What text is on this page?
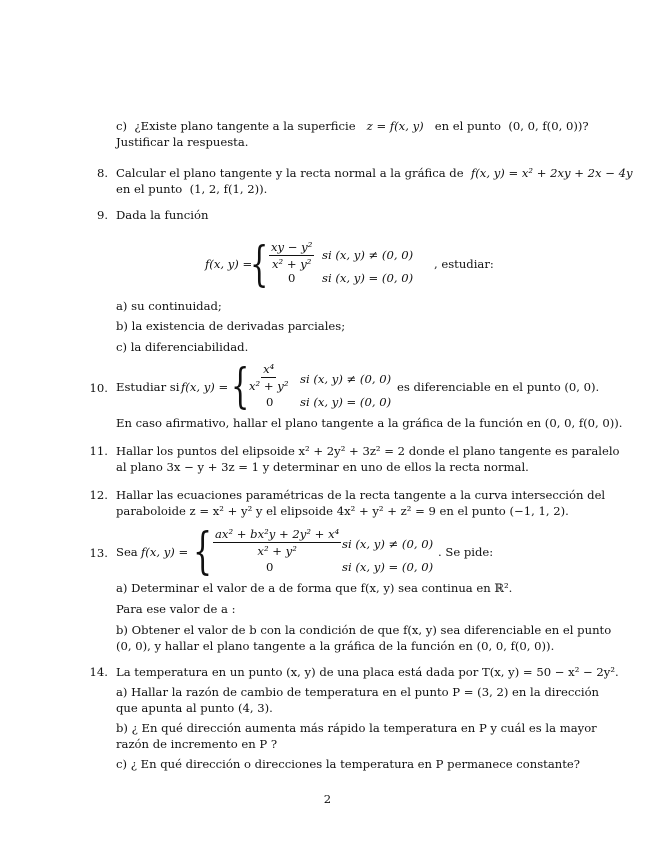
c) ¿Existe plano tangente a la superficie z = f(x, y) en el punto (0, 0, f(0, 0))?
Justificar la respuesta.
8. Calcular el plano tangente y la recta normal a la gráfica de f(x, y) = x² + 2xy + 2x − 4y
en el punto (1, 2, f(1, 2)).
9. Dada la función
f(x, y) =
{ $\frac{\text{xy − y²}}{\text{x² + y²}}$ si (x, y) ≠ (0, 0)
0 si (x, y) = (0, 0)
, estudiar:
a) su continuidad;
b) la existencia de derivadas parciales;
c) la diferenciabilidad.
10. Estudiar si f(x, y) = {
$\frac{\text{x⁴}}{\text{x² + y²}}$ si (x, y) ≠ (0, 0)
0 si (x, y) = (0, 0)
es diferenciable en el punto (0, 0).
En caso afirmativo, hallar el plano tangente a la gráfica de la función en (0, 0, f(0, 0)).
11. Hallar los puntos del elipsoide x² + 2y² + 3z² = 2 donde el plano tangente es paralelo
al plano 3x − y + 3z = 1 y determinar en uno de ellos la recta normal.
12. Hallar las ecuaciones paramétricas de la recta tangente a la curva intersección del
paraboloide z = x² + y² y el elipsoide 4x² + y² + z² = 9 en el punto (−1, 1, 2).
13. Sea f(x, y) = { $\frac{\text{ax² + bx²y + 2y² + x⁴}}{\text{x² + y²}}$ si (x, y) ≠ (0, 0)
0	si (x, y) = (0, 0)
. Se pide:
a) Determinar el valor de a de forma que f(x, y) sea continua en ℝ².
Para ese valor de a :
b) Obtener el valor de b con la condición de que f(x, y) sea diferenciable en el punto
(0, 0), y hallar el plano tangente a la gráfica de la función en (0, 0, f(0, 0)).
14. La temperatura en un punto (x, y) de una placa está dada por T(x, y) = 50 − x² − 2y².
a) Hallar la razón de cambio de temperatura en el punto P = (3, 2) en la dirección
que apunta al punto (4, 3).
b) ¿ En qué dirección aumenta más rápido la temperatura en P y cuál es la mayor
razón de incremento en P ?
c) ¿ En qué dirección o direcciones la temperatura en P permanece constante?
2
